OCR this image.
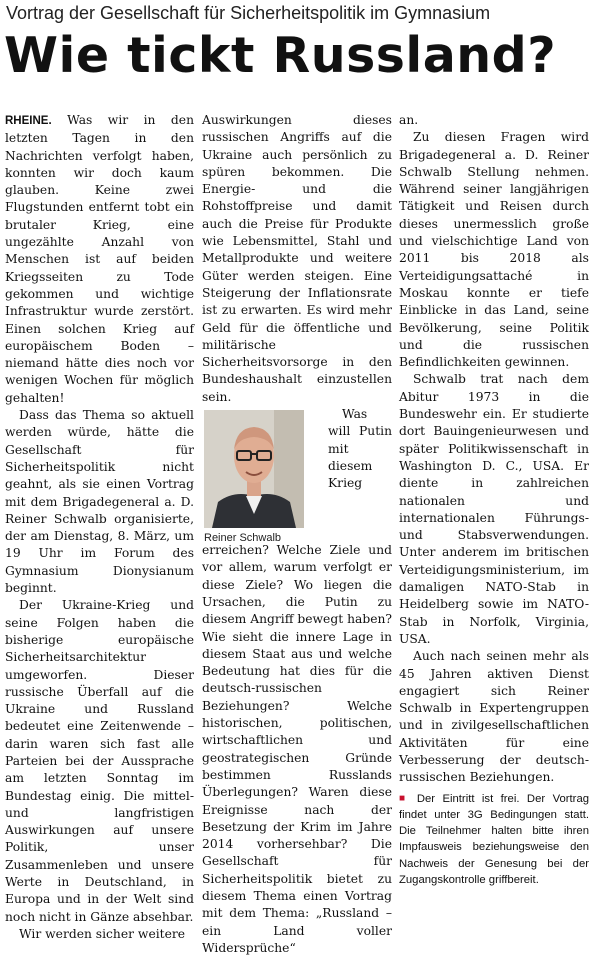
Vortrag der Gesellschaft für Sicherheitspolitik im Gymnasium
Wie tickt Russland?

RHEINE. Was wir in den letzten Tagen in den Nachrichten verfolgt haben, konnten wir doch kaum glauben. Keine zwei Flugstunden entfernt tobt ein brutaler Krieg, eine ungezählte Anzahl von Menschen ist auf beiden Kriegsseiten zu Tode gekommen und wichtige Infrastruktur wurde zerstört. Einen solchen Krieg auf europäischem Boden – niemand hätte dies noch vor wenigen Wochen für möglich gehalten!

Dass das Thema so aktuell werden würde, hätte die Gesellschaft für Sicherheitspolitik nicht geahnt, als sie einen Vortrag mit dem Brigadegeneral a. D. Reiner Schwalb organisierte, der am Dienstag, 8. März, um 19 Uhr im Forum des Gymnasium Dionysianum beginnt.

Der Ukraine-Krieg und seine Folgen haben die bisherige europäische Sicherheitsarchitektur umgeworfen. Dieser russische Überfall auf die Ukraine und Russland bedeutet eine Zeitenwende – darin waren sich fast alle Parteien bei der Aussprache am letzten Sonntag im Bundestag einig. Die mittel- und langfristigen Auswirkungen auf unsere Politik, unser Zusammenleben und unsere Werte in Deutschland, in Europa und in der Welt sind noch nicht in Gänze absehbar.

Wir werden sicher weitere

Auswirkungen dieses russischen Angriffs auf die Ukraine auch persönlich zu spüren bekommen. Die Energie- und die Rohstoffpreise und damit auch die Preise für Produkte wie Lebensmittel, Stahl und Metallprodukte und weitere Güter werden steigen. Eine Steigerung der Inflationsrate ist zu erwarten. Es wird mehr Geld für die öffentliche und militärische Sicherheitsvorsorge in den Bundeshaushalt einzustellen sein.

Reiner Schwalb

Was will Putin mit diesem Krieg erreichen? Welche Ziele und vor allem, warum verfolgt er diese Ziele? Wo liegen die Ursachen, die Putin zu diesem Angriff bewegt haben? Wie sieht die innere Lage in diesem Staat aus und welche Bedeutung hat dies für die deutsch-russischen Beziehungen? Welche historischen, politischen, wirtschaftlichen und geostrategischen Gründe bestimmen Russlands Überlegungen? Waren diese Ereignisse nach der Besetzung der Krim im Jahre 2014 vorhersehbar? Die Gesellschaft für Sicherheitspolitik bietet zu diesem Thema einen Vortrag mit dem Thema: „Russland – ein Land voller Widersprüche“

an.

Zu diesen Fragen wird Brigadegeneral a. D. Reiner Schwalb Stellung nehmen. Während seiner langjährigen Tätigkeit und Reisen durch dieses unermesslich große und vielschichtige Land von 2011 bis 2018 als Verteidigungsattaché in Moskau konnte er tiefe Einblicke in das Land, seine Bevölkerung, seine Politik und die russischen Befindlichkeiten gewinnen.

Schwalb trat nach dem Abitur 1973 in die Bundeswehr ein. Er studierte dort Bauingenieurwesen und später Politikwissenschaft in Washington D. C., USA. Er diente in zahlreichen nationalen und internationalen Führungs- und Stabsverwendungen. Unter anderem im britischen Verteidigungsministerium, im damaligen NATO-Stab in Heidelberg sowie im NATO-Stab in Norfolk, Virginia, USA.

Auch nach seinen mehr als 45 Jahren aktiven Dienst engagiert sich Reiner Schwalb in Expertengruppen und in zivilgesellschaftlichen Aktivitäten für eine Verbesserung der deutsch-russischen Beziehungen.

■ Der Eintritt ist frei. Der Vortrag findet unter 3G Bedingungen statt. Die Teilnehmer halten bitte ihren Impfausweis beziehungsweise den Nachweis der Genesung bei der Zugangskontrolle griffbereit.
